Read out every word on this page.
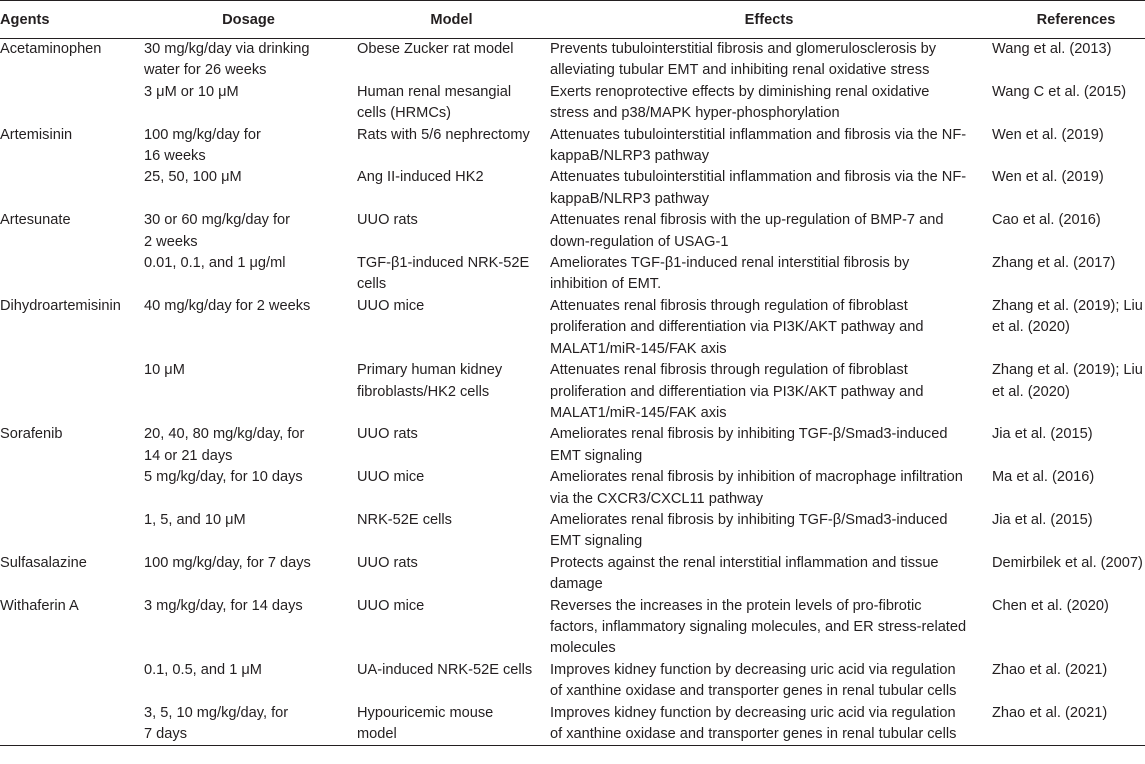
Agents	Dosage	Model	Effects	References
Acetaminophen	30 mg/kg/day via drinking
water for 26 weeks	Obese Zucker rat model	Prevents tubulointerstitial fibrosis and glomerulosclerosis by
alleviating tubular EMT and inhibiting renal oxidative stress	Wang et al. (2013)
	3 μM or 10 μM	Human renal mesangial
cells (HRMCs)	Exerts renoprotective effects by diminishing renal oxidative
stress and p38/MAPK hyper-phosphorylation	Wang C et al. (2015)
Artemisinin	100 mg/kg/day for
16 weeks	Rats with 5/6 nephrectomy	Attenuates tubulointerstitial inflammation and fibrosis via the NF-
kappaB/NLRP3 pathway	Wen et al. (2019)
	25, 50, 100 μM	Ang II-induced HK2	Attenuates tubulointerstitial inflammation and fibrosis via the NF-
kappaB/NLRP3 pathway	Wen et al. (2019)
Artesunate	30 or 60 mg/kg/day for
2 weeks	UUO rats	Attenuates renal fibrosis with the up-regulation of BMP-7 and
down-regulation of USAG-1	Cao et al. (2016)
	0.01, 0.1, and 1 μg/ml	TGF-β1-induced NRK-52E
cells	Ameliorates TGF-β1-induced renal interstitial fibrosis by
inhibition of EMT.	Zhang et al. (2017)
Dihydroartemisinin	40 mg/kg/day for 2 weeks	UUO mice	Attenuates renal fibrosis through regulation of fibroblast
proliferation and differentiation via PI3K/AKT pathway and
MALAT1/miR-145/FAK axis	Zhang et al. (2019); Liu
et al. (2020)
	10 μM	Primary human kidney
fibroblasts/HK2 cells	Attenuates renal fibrosis through regulation of fibroblast
proliferation and differentiation via PI3K/AKT pathway and
MALAT1/miR-145/FAK axis	Zhang et al. (2019); Liu
et al. (2020)
Sorafenib	20, 40, 80 mg/kg/day, for
14 or 21 days	UUO rats	Ameliorates renal fibrosis by inhibiting TGF-β/Smad3-induced
EMT signaling	Jia et al. (2015)
	5 mg/kg/day, for 10 days	UUO mice	Ameliorates renal fibrosis by inhibition of macrophage infiltration
via the CXCR3/CXCL11 pathway	Ma et al. (2016)
	1, 5, and 10 μM	NRK-52E cells	Ameliorates renal fibrosis by inhibiting TGF-β/Smad3-induced
EMT signaling	Jia et al. (2015)
Sulfasalazine	100 mg/kg/day, for 7 days	UUO rats	Protects against the renal interstitial inflammation and tissue
damage	Demirbilek et al. (2007)
Withaferin A	3 mg/kg/day, for 14 days	UUO mice	Reverses the increases in the protein levels of pro-fibrotic
factors, inflammatory signaling molecules, and ER stress-related
molecules	Chen et al. (2020)
	0.1, 0.5, and 1 μM	UA-induced NRK-52E cells	Improves kidney function by decreasing uric acid via regulation
of xanthine oxidase and transporter genes in renal tubular cells	Zhao et al. (2021)
	3, 5, 10 mg/kg/day, for
7 days	Hypouricemic mouse
model	Improves kidney function by decreasing uric acid via regulation
of xanthine oxidase and transporter genes in renal tubular cells	Zhao et al. (2021)
